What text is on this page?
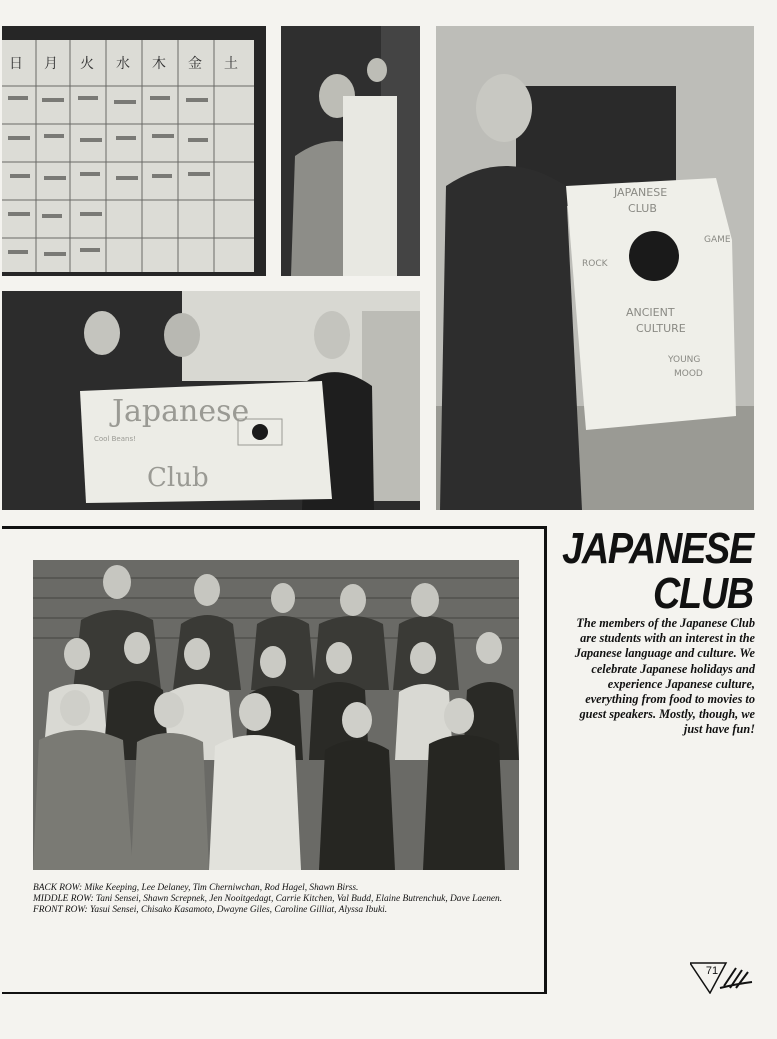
日 月 火 水 木 金 土
Japanese
Club
Cool Beans!
JAPANESE
CLUB
ROCK
GAME
ANCIENT
CULTURE
YOUNG
MOOD

BACK ROW: Mike Keeping, Lee Delaney, Tim Cherniwchan, Rod Hagel, Shawn Birss.

MIDDLE ROW: Tani Sensei, Shawn Screpnek, Jen Nooitgedagt, Carrie Kitchen, Val Budd, Elaine Butrenchuk, Dave Laenen.

FRONT ROW: Yasui Sensei, Chisako Kasamoto, Dwayne Giles, Caroline Gilliat, Alyssa Ibuki.

JAPANESE
CLUB

The members of the Japanese Club are students with an interest in the Japanese language and culture. We celebrate Japanese holidays and experience Japanese culture, everything from food to movies to guest speakers. Mostly, though, we just have fun!

71
